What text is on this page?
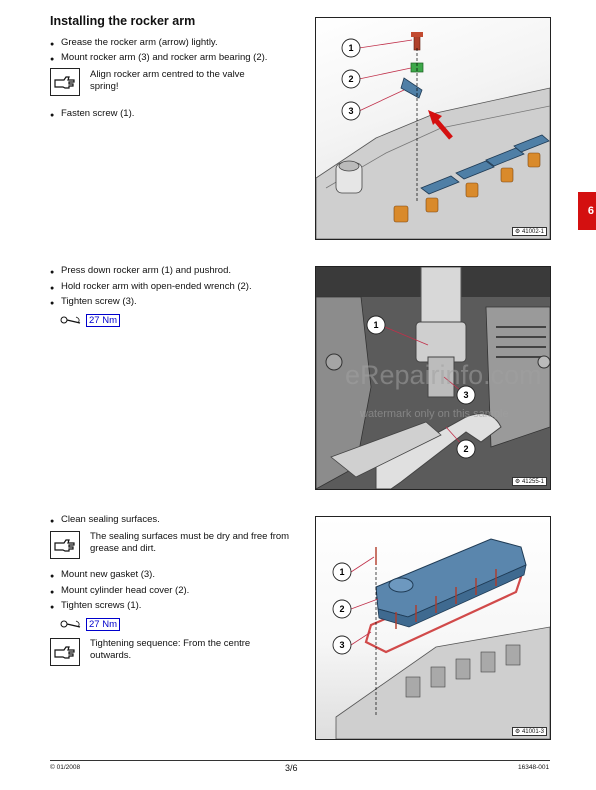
Installing the rocker arm
● Grease the rocker arm (arrow) lightly.
● Mount rocker arm (3) and rocker arm bearing (2).
Align rocker arm centred to the valve spring!
● Fasten screw (1).
1
2
3
⚙ 41002-1
6
● Press down rocker arm (1) and pushrod.
● Hold rocker arm with open-ended wrench (2).
● Tighten screw (3).
27 Nm	1
3
2
⚙ 41255-1
eRepairinfo.com
watermark only on this sample
● Clean sealing surfaces.
The sealing surfaces must be dry and free from grease and dirt.
● Mount new gasket (3).
● Mount cylinder head cover (2).
● Tighten screws (1).
27 Nm
Tightening sequence: From the centre outwards.
1
2
3
⚙ 41001-3
© 01/2008	3/6	16348-001
